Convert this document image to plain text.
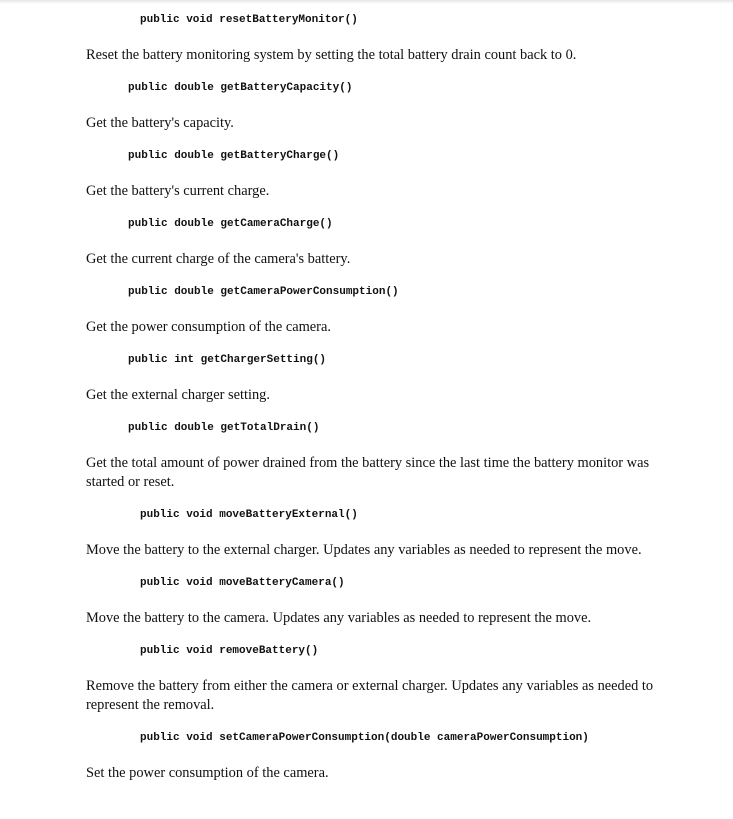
public void resetBatteryMonitor()
Reset the battery monitoring system by setting the total battery drain count back to 0.
public double getBatteryCapacity()
Get the battery's capacity.
public double getBatteryCharge()
Get the battery's current charge.
public double getCameraCharge()
Get the current charge of the camera's battery.
public double getCameraPowerConsumption()
Get the power consumption of the camera.
public int getChargerSetting()
Get the external charger setting.
public double getTotalDrain()
Get the total amount of power drained from the battery since the last time the battery monitor was started or reset.
public void moveBatteryExternal()
Move the battery to the external charger. Updates any variables as needed to represent the move.
public void moveBatteryCamera()
Move the battery to the camera. Updates any variables as needed to represent the move.
public void removeBattery()
Remove the battery from either the camera or external charger. Updates any variables as needed to represent the removal.
public void setCameraPowerConsumption(double cameraPowerConsumption)
Set the power consumption of the camera.
